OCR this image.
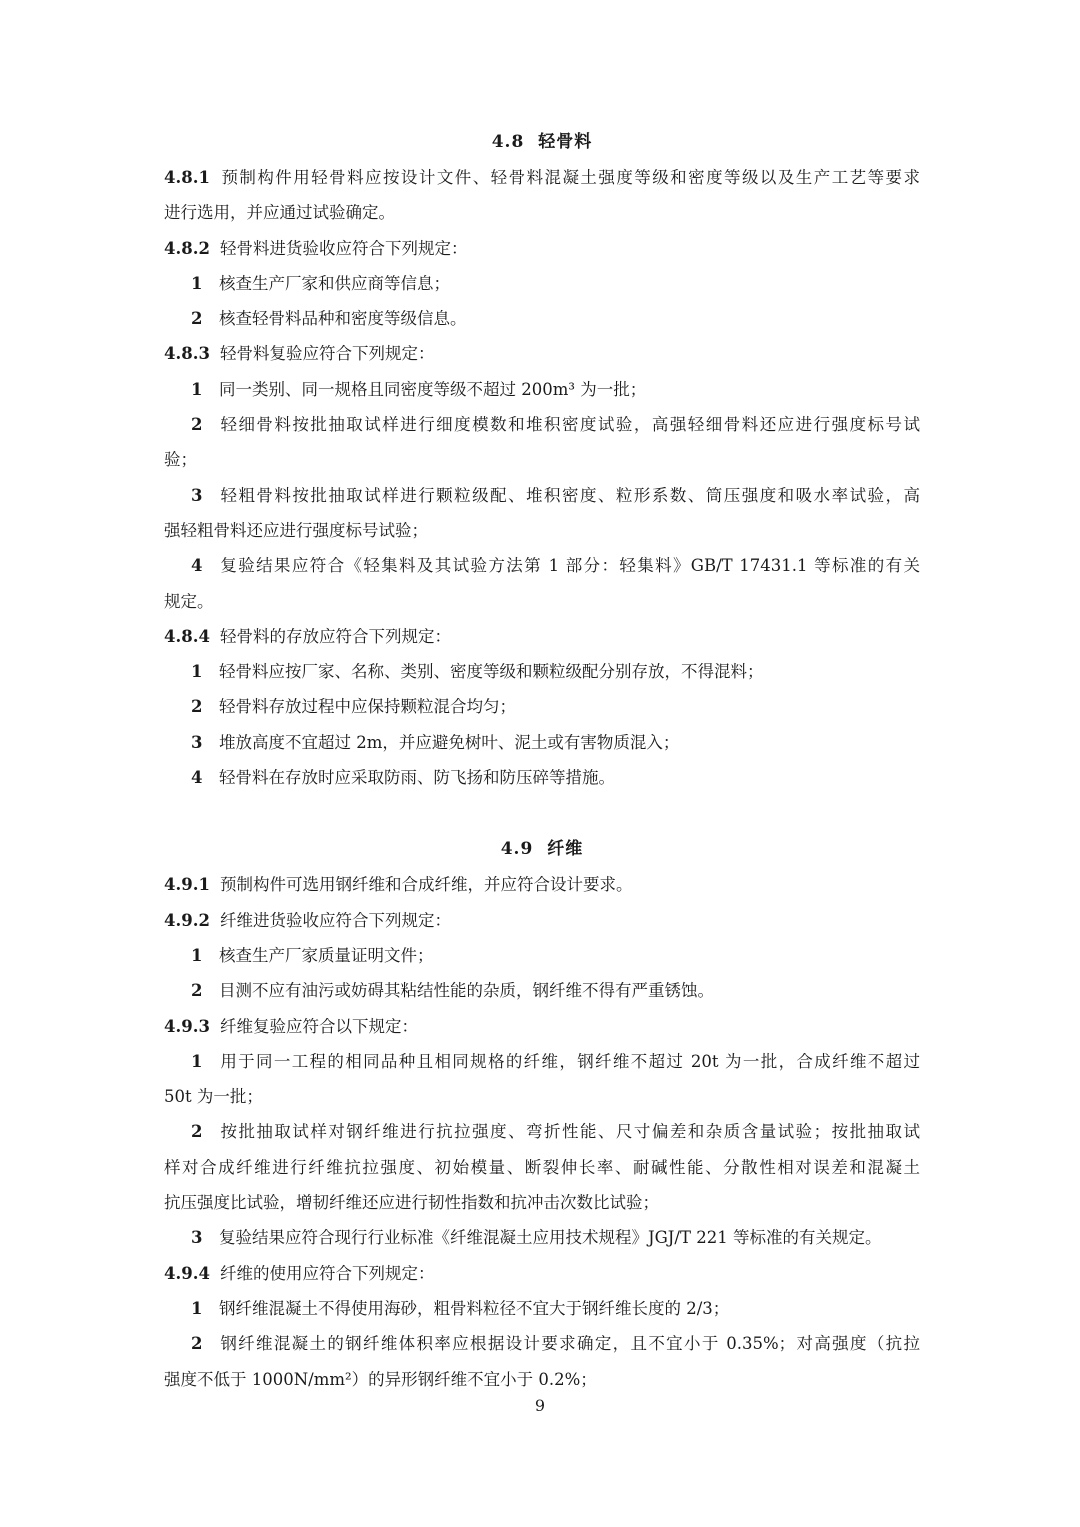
4.8 轻骨料
4.8.1 预制构件用轻骨料应按设计文件、轻骨料混凝土强度等级和密度等级以及生产工艺等要求
进行选用，并应通过试验确定。
4.8.2 轻骨料进货验收应符合下列规定：
1 核查生产厂家和供应商等信息；
2 核查轻骨料品种和密度等级信息。
4.8.3 轻骨料复验应符合下列规定：
1 同一类别、同一规格且同密度等级不超过 200m³ 为一批；
2 轻细骨料按批抽取试样进行细度模数和堆积密度试验，高强轻细骨料还应进行强度标号试
验；
3 轻粗骨料按批抽取试样进行颗粒级配、堆积密度、粒形系数、筒压强度和吸水率试验，高
强轻粗骨料还应进行强度标号试验；
4 复验结果应符合《轻集料及其试验方法第 1 部分：轻集料》GB/T 17431.1 等标准的有关
规定。
4.8.4 轻骨料的存放应符合下列规定：
1 轻骨料应按厂家、名称、类别、密度等级和颗粒级配分别存放，不得混料；
2 轻骨料存放过程中应保持颗粒混合均匀；
3 堆放高度不宜超过 2m，并应避免树叶、泥土或有害物质混入；
4 轻骨料在存放时应采取防雨、防飞扬和防压碎等措施。
4.9 纤维
4.9.1 预制构件可选用钢纤维和合成纤维，并应符合设计要求。
4.9.2 纤维进货验收应符合下列规定：
1 核查生产厂家质量证明文件；
2 目测不应有油污或妨碍其粘结性能的杂质，钢纤维不得有严重锈蚀。
4.9.3 纤维复验应符合以下规定：
1 用于同一工程的相同品种且相同规格的纤维，钢纤维不超过 20t 为一批，合成纤维不超过
50t 为一批；
2 按批抽取试样对钢纤维进行抗拉强度、弯折性能、尺寸偏差和杂质含量试验；按批抽取试
样对合成纤维进行纤维抗拉强度、初始模量、断裂伸长率、耐碱性能、分散性相对误差和混凝土
抗压强度比试验，增韧纤维还应进行韧性指数和抗冲击次数比试验；
3 复验结果应符合现行行业标准《纤维混凝土应用技术规程》JGJ/T 221 等标准的有关规定。
4.9.4 纤维的使用应符合下列规定：
1 钢纤维混凝土不得使用海砂，粗骨料粒径不宜大于钢纤维长度的 2/3；
2 钢纤维混凝土的钢纤维体积率应根据设计要求确定，且不宜小于 0.35%；对高强度（抗拉
强度不低于 1000N/mm²）的异形钢纤维不宜小于 0.2%；
9
